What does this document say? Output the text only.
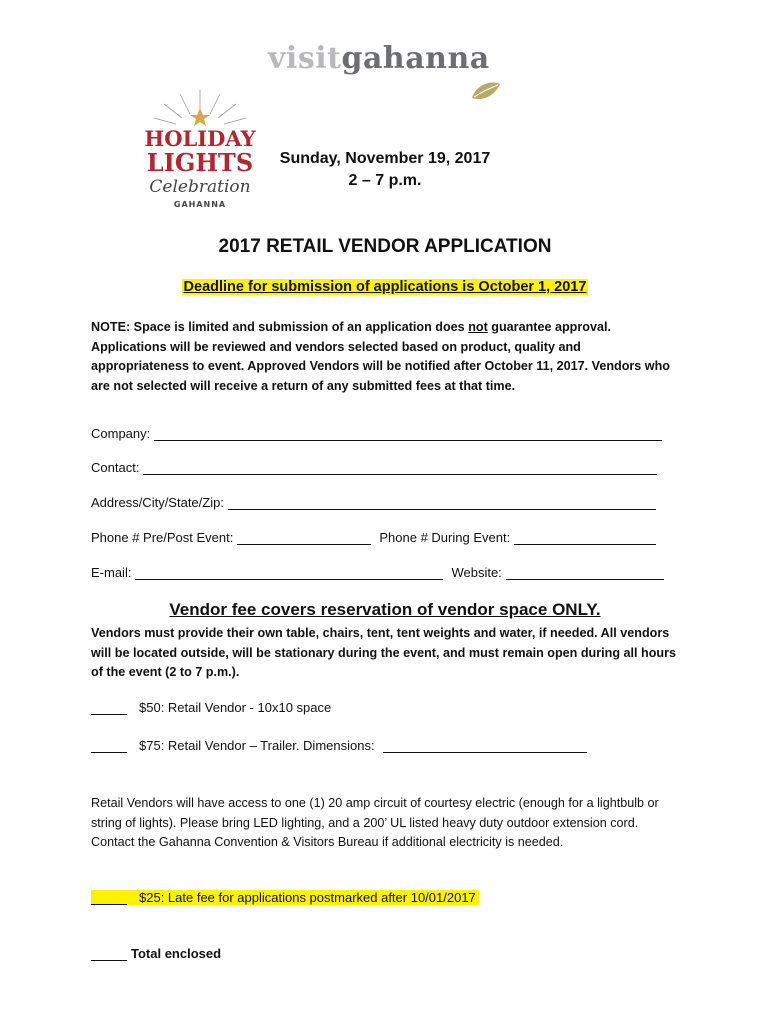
visitgahanna
HOLIDAY
LIGHTS
Celebration
GAHANNA
Sunday, November 19, 2017
2 – 7 p.m.
2017 RETAIL VENDOR APPLICATION
Deadline for submission of applications is October 1, 2017
NOTE: Space is limited and submission of an application does not guarantee approval. Applications will be reviewed and vendors selected based on product, quality and appropriateness to event. Approved Vendors will be notified after October 11, 2017. Vendors who are not selected will receive a return of any submitted fees at that time.
Company:
Contact:
Address/City/State/Zip:
Phone # Pre/Post Event:	Phone # During Event:
E-mail:	Website:
Vendor fee covers reservation of vendor space ONLY.
Vendors must provide their own table, chairs, tent, tent weights and water, if needed. All vendors will be located outside, will be stationary during the event, and must remain open during all hours of the event (2 to 7 p.m.).
$50: Retail Vendor - 10x10 space
$75: Retail Vendor – Trailer. Dimensions:
Retail Vendors will have access to one (1) 20 amp circuit of courtesy electric (enough for a lightbulb or string of lights). Please bring LED lighting, and a 200’ UL listed heavy duty outdoor extension cord. Contact the Gahanna Convention & Visitors Bureau if additional electricity is needed.
$25: Late fee for applications postmarked after 10/01/2017
Total enclosed
